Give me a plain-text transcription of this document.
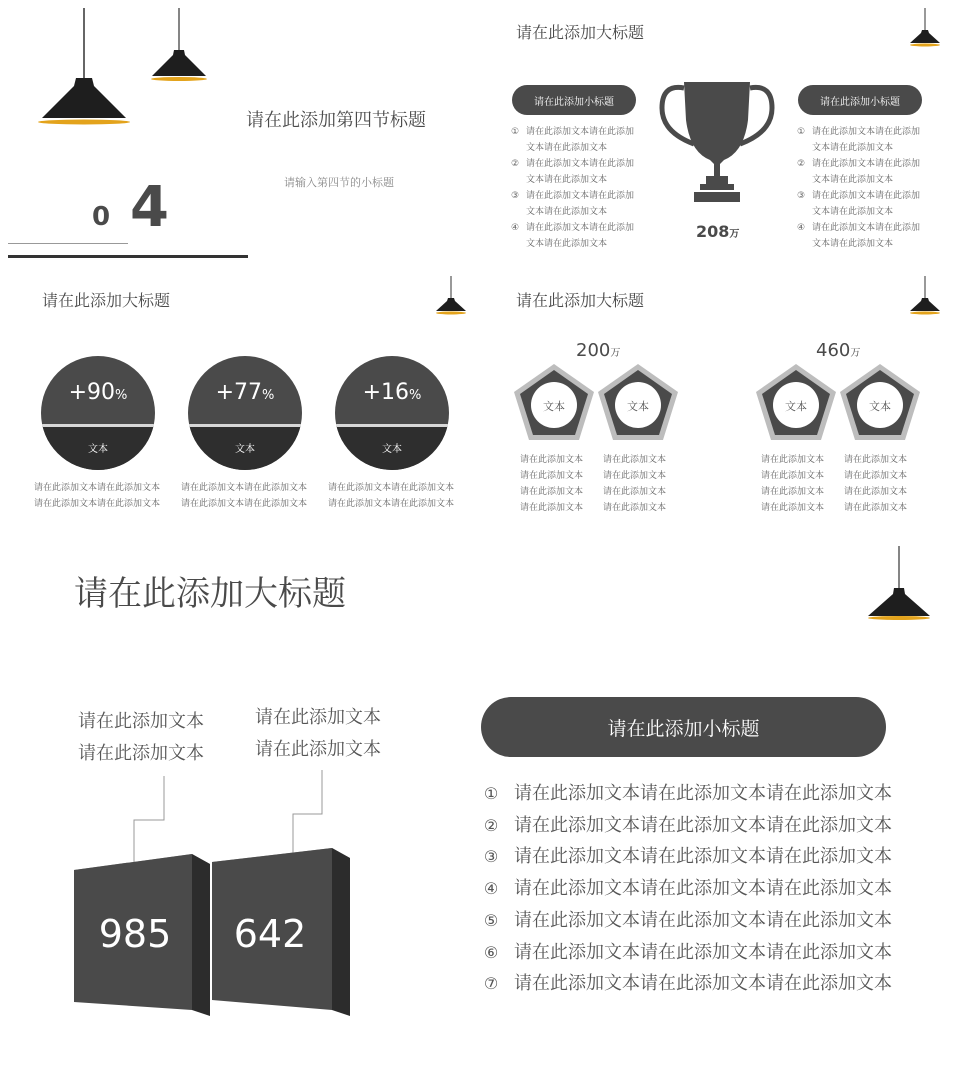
请在此添加第四节标题
请输入第四节的小标题
0 4
请在此添加大标题
请在此添加小标题	请在此添加小标题
① 请在此添加文本请在此添加
文本请在此添加文本
② 请在此添加文本请在此添加
文本请在此添加文本
③ 请在此添加文本请在此添加
文本请在此添加文本
④ 请在此添加文本请在此添加
文本请在此添加文本
① 请在此添加文本请在此添加
文本请在此添加文本
② 请在此添加文本请在此添加
文本请在此添加文本
③ 请在此添加文本请在此添加
文本请在此添加文本
④ 请在此添加文本请在此添加
文本请在此添加文本
208万
请在此添加大标题
+90%
文本
+77%
文本
+16%
文本
请在此添加文本请在此添加文本
请在此添加文本请在此添加文本
请在此添加文本请在此添加文本
请在此添加文本请在此添加文本
请在此添加文本请在此添加文本
请在此添加文本请在此添加文本
请在此添加大标题
200万	460万
文本	文本	文本	文本
请在此添加文本
请在此添加文本
请在此添加文本
请在此添加文本
请在此添加文本
请在此添加文本
请在此添加文本
请在此添加文本
请在此添加文本
请在此添加文本
请在此添加文本
请在此添加文本
请在此添加文本
请在此添加文本
请在此添加文本
请在此添加文本
请在此添加大标题
请在此添加文本
请在此添加文本
请在此添加文本
请在此添加文本
985 642
请在此添加小标题
① 请在此添加文本请在此添加文本请在此添加文本
② 请在此添加文本请在此添加文本请在此添加文本
③ 请在此添加文本请在此添加文本请在此添加文本
④ 请在此添加文本请在此添加文本请在此添加文本
⑤ 请在此添加文本请在此添加文本请在此添加文本
⑥ 请在此添加文本请在此添加文本请在此添加文本
⑦ 请在此添加文本请在此添加文本请在此添加文本
